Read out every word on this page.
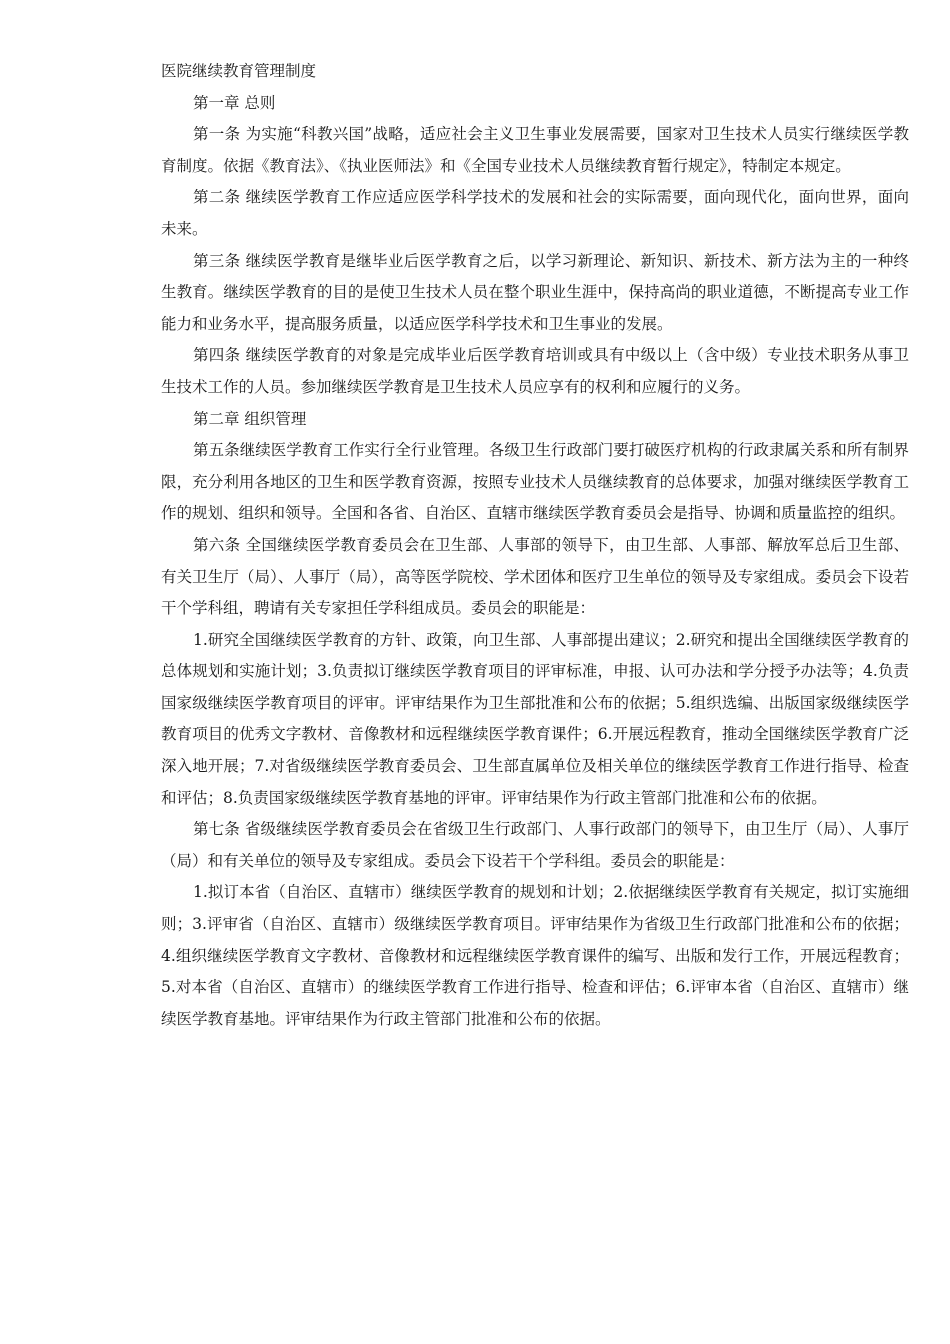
医院继续教育管理制度

第一章 总则

第一条 为实施“科教兴国”战略，适应社会主义卫生事业发展需要，国家对卫生技术人员实行继续医学教育制度。依据《教育法》、《执业医师法》和《全国专业技术人员继续教育暂行规定》，特制定本规定。

第二条 继续医学教育工作应适应医学科学技术的发展和社会的实际需要，面向现代化，面向世界，面向未来。

第三条 继续医学教育是继毕业后医学教育之后，以学习新理论、新知识、新技术、新方法为主的一种终生教育。继续医学教育的目的是使卫生技术人员在整个职业生涯中，保持高尚的职业道德，不断提高专业工作能力和业务水平，提高服务质量，以适应医学科学技术和卫生事业的发展。

第四条 继续医学教育的对象是完成毕业后医学教育培训或具有中级以上（含中级）专业技术职务从事卫生技术工作的人员。参加继续医学教育是卫生技术人员应享有的权利和应履行的义务。

第二章 组织管理

第五条继续医学教育工作实行全行业管理。各级卫生行政部门要打破医疗机构的行政隶属关系和所有制界限，充分利用各地区的卫生和医学教育资源，按照专业技术人员继续教育的总体要求，加强对继续医学教育工作的规划、组织和领导。全国和各省、自治区、直辖市继续医学教育委员会是指导、协调和质量监控的组织。

第六条 全国继续医学教育委员会在卫生部、人事部的领导下，由卫生部、人事部、解放军总后卫生部、有关卫生厅（局）、人事厅（局），高等医学院校、学术团体和医疗卫生单位的领导及专家组成。委员会下设若干个学科组，聘请有关专家担任学科组成员。委员会的职能是：

1.研究全国继续医学教育的方针、政策，向卫生部、人事部提出建议；2.研究和提出全国继续医学教育的总体规划和实施计划；3.负责拟订继续医学教育项目的评审标准，申报、认可办法和学分授予办法等；4.负责国家级继续医学教育项目的评审。评审结果作为卫生部批准和公布的依据；5.组织选编、出版国家级继续医学教育项目的优秀文字教材、音像教材和远程继续医学教育课件；6.开展远程教育，推动全国继续医学教育广泛深入地开展；7.对省级继续医学教育委员会、卫生部直属单位及相关单位的继续医学教育工作进行指导、检查和评估；8.负责国家级继续医学教育基地的评审。评审结果作为行政主管部门批准和公布的依据。

第七条 省级继续医学教育委员会在省级卫生行政部门、人事行政部门的领导下，由卫生厅（局）、人事厅（局）和有关单位的领导及专家组成。委员会下设若干个学科组。委员会的职能是：

1.拟订本省（自治区、直辖市）继续医学教育的规划和计划；2.依据继续医学教育有关规定，拟订实施细则；3.评审省（自治区、直辖市）级继续医学教育项目。评审结果作为省级卫生行政部门批准和公布的依据；4.组织继续医学教育文字教材、音像教材和远程继续医学教育课件的编写、出版和发行工作，开展远程教育；5.对本省（自治区、直辖市）的继续医学教育工作进行指导、检查和评估；6.评审本省（自治区、直辖市）继续医学教育基地。评审结果作为行政主管部门批准和公布的依据。
